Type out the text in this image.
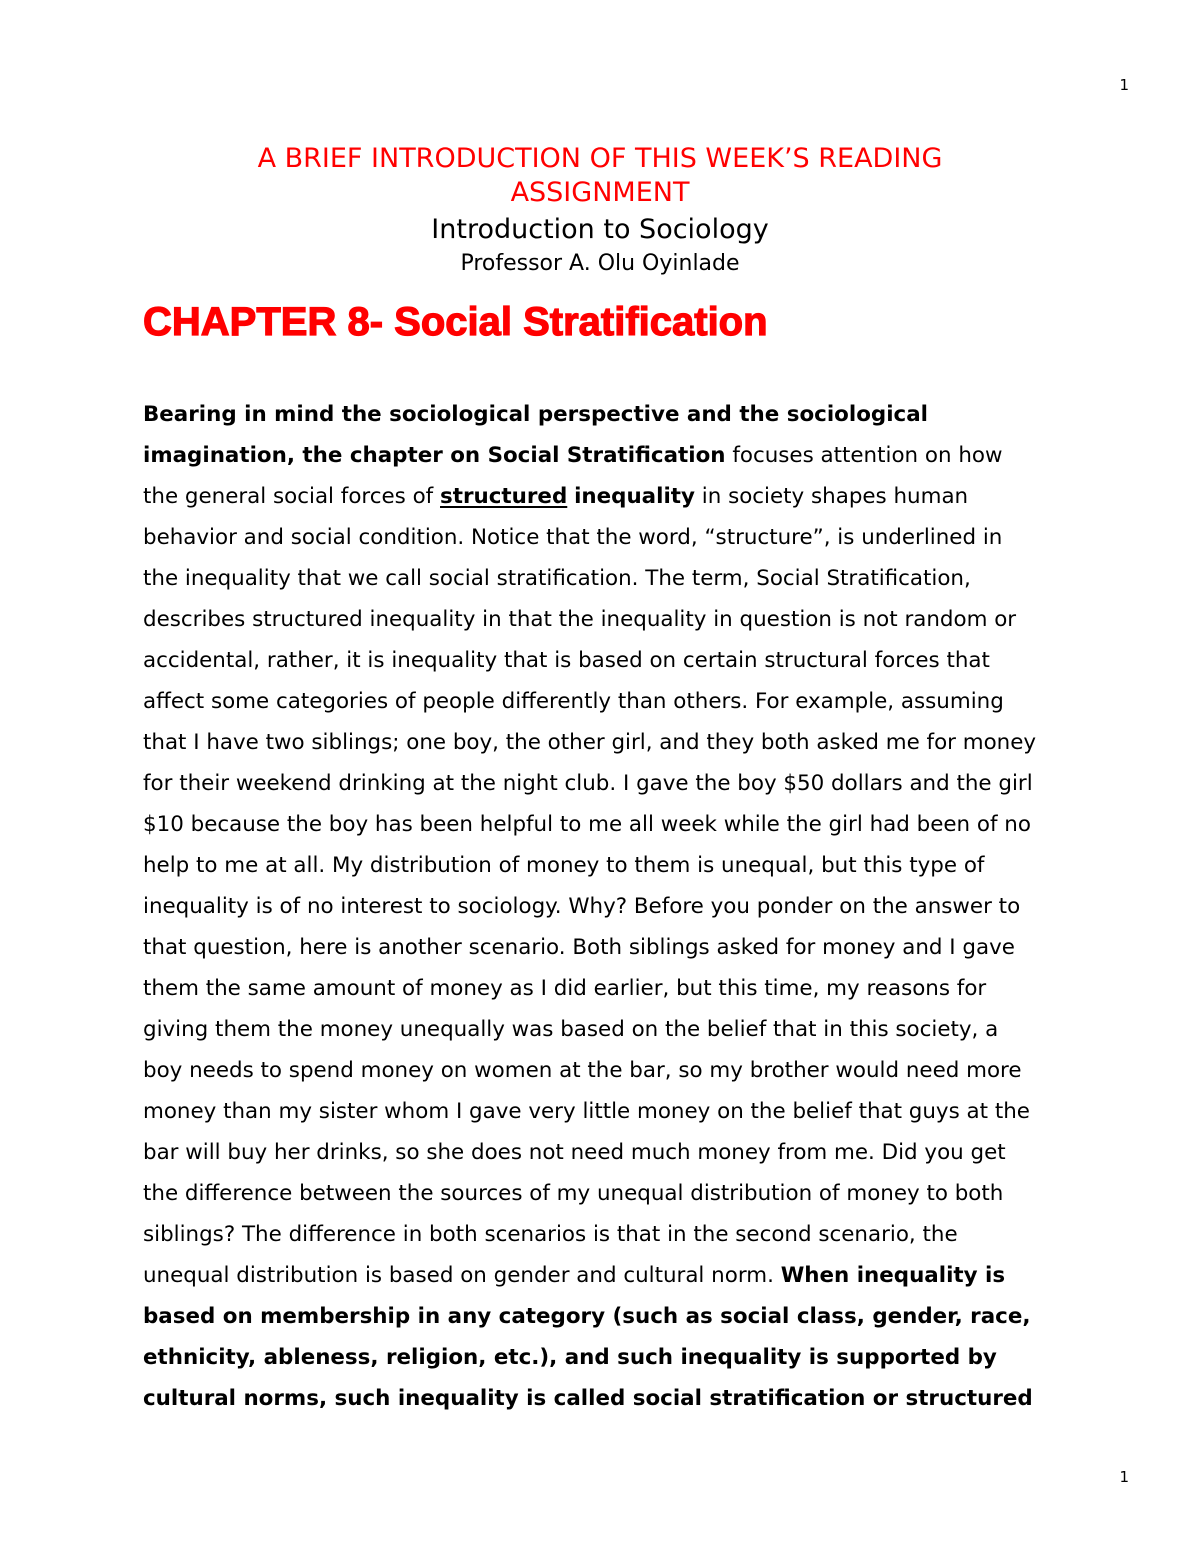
1
A BRIEF INTRODUCTION OF THIS WEEK’S READING ASSIGNMENT
Introduction to Sociology
Professor A. Olu Oyinlade
CHAPTER 8- Social Stratification
Bearing in mind the sociological perspective and the sociological
imagination, the chapter on Social Stratification focuses attention on how
the general social forces of structured inequality in society shapes human
behavior and social condition. Notice that the word, “structure”, is underlined in
the inequality that we call social stratification. The term, Social Stratification,
describes structured inequality in that the inequality in question is not random or
accidental, rather, it is inequality that is based on certain structural forces that
affect some categories of people differently than others. For example, assuming
that I have two siblings; one boy, the other girl, and they both asked me for money
for their weekend drinking at the night club. I gave the boy $50 dollars and the girl
$10 because the boy has been helpful to me all week while the girl had been of no
help to me at all. My distribution of money to them is unequal, but this type of
inequality is of no interest to sociology. Why? Before you ponder on the answer to
that question, here is another scenario. Both siblings asked for money and I gave
them the same amount of money as I did earlier, but this time, my reasons for
giving them the money unequally was based on the belief that in this society, a
boy needs to spend money on women at the bar, so my brother would need more
money than my sister whom I gave very little money on the belief that guys at the
bar will buy her drinks, so she does not need much money from me. Did you get
the difference between the sources of my unequal distribution of money to both
siblings? The difference in both scenarios is that in the second scenario, the
unequal distribution is based on gender and cultural norm. When inequality is
based on membership in any category (such as social class, gender, race,
ethnicity, ableness, religion, etc.), and such inequality is supported by
cultural norms, such inequality is called social stratification or structured
1
